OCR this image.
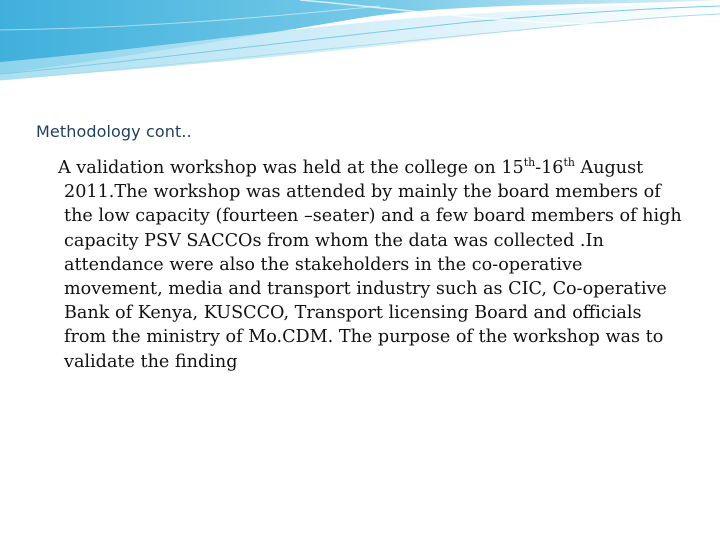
Methodology cont..
A validation workshop was held at the college on 15th-16th August 2011.The workshop was attended by mainly the board members of the low capacity (fourteen –seater) and a few board members of high capacity PSV SACCOs from whom the data was collected .In attendance were also the stakeholders in the co-operative movement, media and transport industry such as CIC, Co-operative Bank of Kenya, KUSCCO, Transport licensing Board and officials from the ministry of Mo.CDM. The purpose of the workshop was to validate the finding
